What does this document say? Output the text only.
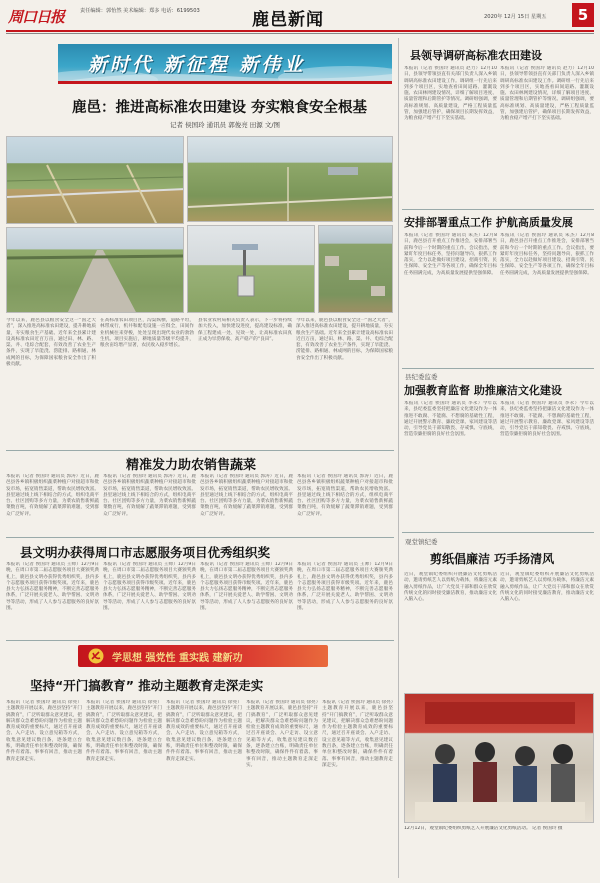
周口日报	责任编辑：郭怡然 美术编辑：郑多 电话：6199503	鹿邑新闻	2020年 12月 15日 星期五	5
新时代 新征程 新伟业
鹿邑：推进高标准农田建设 夯实粮食安全根基
记者 侯国玲 通讯员 郭俊亮 田源 文/图
今年以来，鹿邑县以粮食安全这一“国之大者”，深入推进高标准农田建设，提升耕地质量，夯实粮食生产基础。近年来全县累计建设高标准农田近百万亩，通过田、林、路、渠、井、电综合配套，有效改善了农业生产条件，实现了旱能浇、涝能排、路相通、林成网的目标，为保障国家粮食安全作出了积极贡献。
在高标准农田项目区，沟渠纵横，道路平坦，林带成行，机井和配电设施一应俱全，田间作业机械往来穿梭，处处呈现出现代农业的勃勃生机。项目实施后，耕地质量等级平均提升，粮食亩均增产显著，农民收入稳步增长。
县农业农村局相关负责人表示，下一步将持续加大投入，加快建设进度，提高建设标准，确保工程建成一处、见效一处，让高标准农田真正成为旱涝保收、高产稳产的“良田”。
今年以来，鹿邑县以粮食安全这一“国之大者”，深入推进高标准农田建设，提升耕地质量，夯实粮食生产基础。近年来全县累计建设高标准农田近百万亩，通过田、林、路、渠、井、电综合配套，有效改善了农业生产条件，实现了旱能浇、涝能排、路相通、林成网的目标，为保障国家粮食安全作出了积极贡献。
精准发力助农销售蔬菜
本报讯（记者 侯国玲 通讯员 郭涛）近日，鹿邑县各乡镇积极组织蔬菜种植户对接超市和批发市场，拓宽销售渠道，帮助农民增收致富。县里通过线上线下相结合的方式，组织电商平台、社区团购等多方力量，为菜农销售新鲜蔬菜数百吨，有效缓解了蔬菜滞销难题，受到群众广泛好评。
本报讯（记者 侯国玲 通讯员 郭涛）近日，鹿邑县各乡镇积极组织蔬菜种植户对接超市和批发市场，拓宽销售渠道，帮助农民增收致富。县里通过线上线下相结合的方式，组织电商平台、社区团购等多方力量，为菜农销售新鲜蔬菜数百吨，有效缓解了蔬菜滞销难题，受到群众广泛好评。
本报讯（记者 侯国玲 通讯员 郭涛）近日，鹿邑县各乡镇积极组织蔬菜种植户对接超市和批发市场，拓宽销售渠道，帮助农民增收致富。县里通过线上线下相结合的方式，组织电商平台、社区团购等多方力量，为菜农销售新鲜蔬菜数百吨，有效缓解了蔬菜滞销难题，受到群众广泛好评。
本报讯（记者 侯国玲 通讯员 郭涛）近日，鹿邑县各乡镇积极组织蔬菜种植户对接超市和批发市场，拓宽销售渠道，帮助农民增收致富。县里通过线上线下相结合的方式，组织电商平台、社区团购等多方力量，为菜农销售新鲜蔬菜数百吨，有效缓解了蔬菜滞销难题，受到群众广泛好评。
县文明办获得周口市志愿服务项目优秀组织奖
本报讯（记者 侯国玲 通讯员 王帅）12月9日晚，在周口市第二届志愿服务项目大赛颁奖典礼上，鹿邑县文明办获得优秀组织奖，县内多个志愿服务项目获得市级奖项。近年来，鹿邑县大力弘扬志愿服务精神，不断完善志愿服务体系，广泛开展关爱老人、助学帮困、文明劝导等活动，形成了人人参与志愿服务的良好氛围。
本报讯（记者 侯国玲 通讯员 王帅）12月9日晚，在周口市第二届志愿服务项目大赛颁奖典礼上，鹿邑县文明办获得优秀组织奖，县内多个志愿服务项目获得市级奖项。近年来，鹿邑县大力弘扬志愿服务精神，不断完善志愿服务体系，广泛开展关爱老人、助学帮困、文明劝导等活动，形成了人人参与志愿服务的良好氛围。
本报讯（记者 侯国玲 通讯员 王帅）12月9日晚，在周口市第二届志愿服务项目大赛颁奖典礼上，鹿邑县文明办获得优秀组织奖，县内多个志愿服务项目获得市级奖项。近年来，鹿邑县大力弘扬志愿服务精神，不断完善志愿服务体系，广泛开展关爱老人、助学帮困、文明劝导等活动，形成了人人参与志愿服务的良好氛围。
本报讯（记者 侯国玲 通讯员 王帅）12月9日晚，在周口市第二届志愿服务项目大赛颁奖典礼上，鹿邑县文明办获得优秀组织奖，县内多个志愿服务项目获得市级奖项。近年来，鹿邑县大力弘扬志愿服务精神，不断完善志愿服务体系，广泛开展关爱老人、助学帮困、文明劝导等活动，形成了人人参与志愿服务的良好氛围。
学思想 强党性 重实践 建新功
坚持“开门搞教育” 推动主题教育走深走实
本报讯（记者 侯国玲 通讯员 徐亮）主题教育开展以来，鹿邑县坚持“开门搞教育”，广泛听取群众意见建议，把解决群众急难愁盼问题作为检验主题教育成效的重要标尺，通过召开座谈会、入户走访、设立意见箱等方式，收集意见建议数百条，逐条建立台账，明确责任单位和整改时限，确保件件有着落、事事有回音，推动主题教育走深走实。
本报讯（记者 侯国玲 通讯员 徐亮）主题教育开展以来，鹿邑县坚持“开门搞教育”，广泛听取群众意见建议，把解决群众急难愁盼问题作为检验主题教育成效的重要标尺，通过召开座谈会、入户走访、设立意见箱等方式，收集意见建议数百条，逐条建立台账，明确责任单位和整改时限，确保件件有着落、事事有回音，推动主题教育走深走实。
本报讯（记者 侯国玲 通讯员 徐亮）主题教育开展以来，鹿邑县坚持“开门搞教育”，广泛听取群众意见建议，把解决群众急难愁盼问题作为检验主题教育成效的重要标尺，通过召开座谈会、入户走访、设立意见箱等方式，收集意见建议数百条，逐条建立台账，明确责任单位和整改时限，确保件件有着落、事事有回音，推动主题教育走深走实。
本报讯（记者 侯国玲 通讯员 徐亮）主题教育开展以来，鹿邑县坚持“开门搞教育”，广泛听取群众意见建议，把解决群众急难愁盼问题作为检验主题教育成效的重要标尺，通过召开座谈会、入户走访、设立意见箱等方式，收集意见建议数百条，逐条建立台账，明确责任单位和整改时限，确保件件有着落、事事有回音，推动主题教育走深走实。
本报讯（记者 侯国玲 通讯员 徐亮）主题教育开展以来，鹿邑县坚持“开门搞教育”，广泛听取群众意见建议，把解决群众急难愁盼问题作为检验主题教育成效的重要标尺，通过召开座谈会、入户走访、设立意见箱等方式，收集意见建议数百条，逐条建立台账，明确责任单位和整改时限，确保件件有着落、事事有回音，推动主题教育走深走实。
县领导调研高标准农田建设
本报讯（记者 侯国玲 通讯员 赵力）12月10日，县领导带领县直有关部门负责人深入乡镇调研高标准农田建设工作。调研组一行先后来到多个项目区，实地查看田间道路、灌溉设施、农田林网建设情况，详细了解项目进度、质量管理和后期管护等情况。调研组强调，要高标准规划、高质量建设，严格工程质量监管，加强建后管护，确保项目长期发挥效益，为粮食稳产增产打下坚实基础。
本报讯（记者 侯国玲 通讯员 赵力）12月10日，县领导带领县直有关部门负责人深入乡镇调研高标准农田建设工作。调研组一行先后来到多个项目区，实地查看田间道路、灌溉设施、农田林网建设情况，详细了解项目进度、质量管理和后期管护等情况。调研组强调，要高标准规划、高质量建设，严格工程质量监管，加强建后管护，确保项目长期发挥效益，为粮食稳产增产打下坚实基础。
安排部署重点工作 护航高质量发展
本报讯（记者 侯国玲 通讯员 朱杰）12月8日，鹿邑县召开重点工作推进会，安排部署当前和今后一个时期的重点工作。会议指出，要紧盯年度目标任务，坚持问题导向，狠抓工作落实，全力以赴做好项目建设、招商引资、民生保障、安全生产等各项工作，确保全年目标任务圆满完成，为高质量发展提供坚强保障。
本报讯（记者 侯国玲 通讯员 朱杰）12月8日，鹿邑县召开重点工作推进会，安排部署当前和今后一个时期的重点工作。会议指出，要紧盯年度目标任务，坚持问题导向，狠抓工作落实，全力以赴做好项目建设、招商引资、民生保障、安全生产等各项工作，确保全年目标任务圆满完成，为高质量发展提供坚强保障。
县纪委监委
加强教育监督 助推廉洁文化建设
本报讯（记者 侯国玲 通讯员 李永）今年以来，县纪委监委坚持把廉洁文化建设作为一体推进不敢腐、不能腐、不想腐的基础性工程，通过开展警示教育、廉政党课、家风建设等活动，引导党员干部知敬畏、存戒惧、守底线，营造崇廉拒腐的良好社会氛围。
本报讯（记者 侯国玲 通讯员 李永）今年以来，县纪委监委坚持把廉洁文化建设作为一体推进不敢腐、不能腐、不想腐的基础性工程，通过开展警示教育、廉政党课、家风建设等活动，引导党员干部知敬畏、存戒惧、守底线，营造崇廉拒腐的良好社会氛围。
观堂镇纪委
剪纸倡廉洁 巧手扬清风
近日，观堂镇纪委组织开展廉洁文化剪纸活动，邀请剪纸艺人以剪纸为载体，将廉洁元素融入剪纸作品，让广大党员干部和群众在欣赏传统文化的同时接受廉洁教育，推动廉洁文化入脑入心。
近日，观堂镇纪委组织开展廉洁文化剪纸活动，邀请剪纸艺人以剪纸为载体，将廉洁元素融入剪纸作品，让广大党员干部和群众在欣赏传统文化的同时接受廉洁教育，推动廉洁文化入脑入心。
12月12日，观堂镇纪委组织剪纸艺人开展廉洁文化剪纸活动。 记者 侯国玲 摄
